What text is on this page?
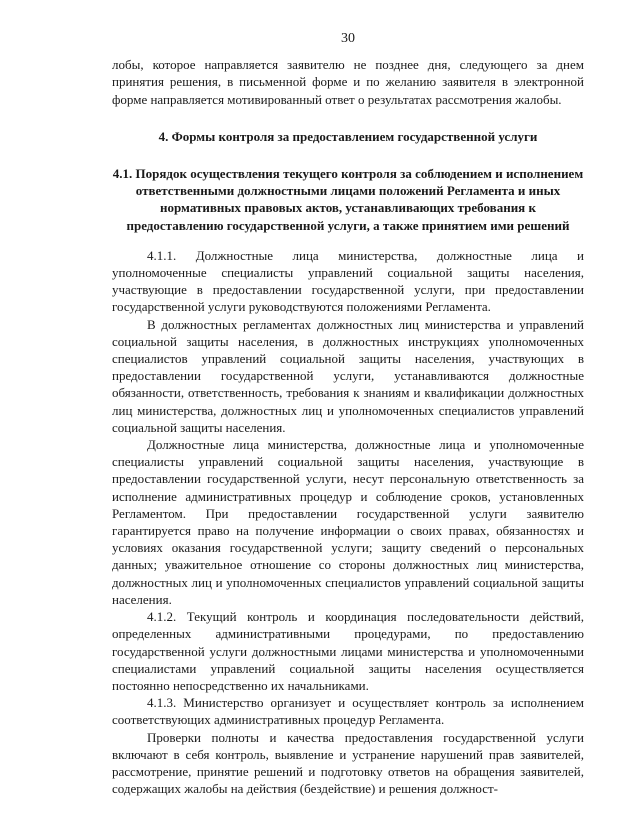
30

лобы, которое направляется заявителю не позднее дня, следующего за днем принятия решения, в письменной форме и по желанию заявителя в электронной форме направляется мотивированный ответ о результатах рассмотрения жалобы.

4. Формы контроля за предоставлением государственной услуги

4.1. Порядок осуществления текущего контроля за соблюдением и исполнением ответственными должностными лицами положений Регламента и иных нормативных правовых актов, устанавливающих требования к предоставлению государственной услуги, а также принятием ими решений

4.1.1. Должностные лица министерства, должностные лица и уполномоченные специалисты управлений социальной защиты населения, участвующие в предоставлении государственной услуги, при предоставлении государственной услуги руководствуются положениями Регламента.

В должностных регламентах должностных лиц министерства и управлений социальной защиты населения, в должностных инструкциях уполномоченных специалистов управлений социальной защиты населения, участвующих в предоставлении государственной услуги, устанавливаются должностные обязанности, ответственность, требования к знаниям и квалификации должностных лиц министерства, должностных лиц и уполномоченных специалистов управлений социальной защиты населения.

Должностные лица министерства, должностные лица и уполномоченные специалисты управлений социальной защиты населения, участвующие в предоставлении государственной услуги, несут персональную ответственность за исполнение административных процедур и соблюдение сроков, установленных Регламентом. При предоставлении государственной услуги заявителю гарантируется право на получение информации о своих правах, обязанностях и условиях оказания государственной услуги; защиту сведений о персональных данных; уважительное отношение со стороны должностных лиц министерства, должностных лиц и уполномоченных специалистов управлений социальной защиты населения.

4.1.2. Текущий контроль и координация последовательности действий, определенных административными процедурами, по предоставлению государственной услуги должностными лицами министерства и уполномоченными специалистами управлений социальной защиты населения осуществляется постоянно непосредственно их начальниками.

4.1.3. Министерство организует и осуществляет контроль за исполнением соответствующих административных процедур Регламента.

Проверки полноты и качества предоставления государственной услуги включают в себя контроль, выявление и устранение нарушений прав заявителей, рассмотрение, принятие решений и подготовку ответов на обращения заявителей, содержащих жалобы на действия (бездействие) и решения должност-
